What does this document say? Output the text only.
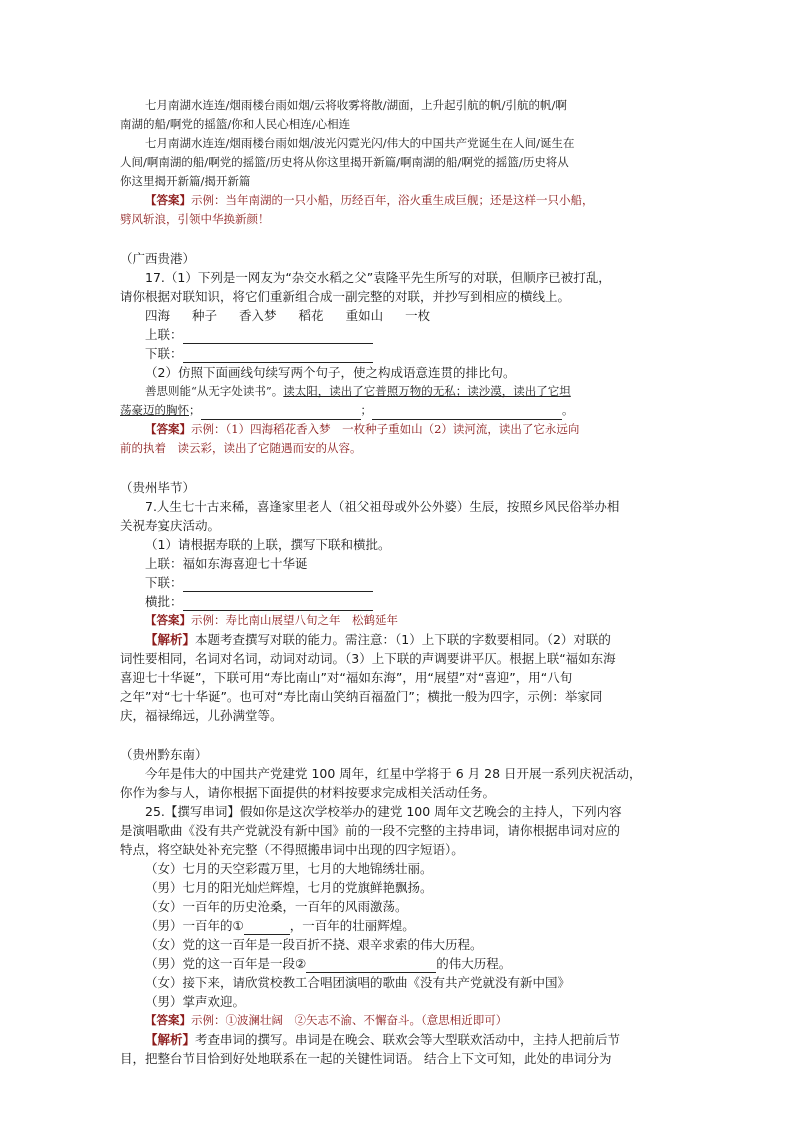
七月南湖水连连/烟雨楼台雨如烟/云将收雾将散/湖面，上升起引航的帆/引航的帆/啊

南湖的船/啊党的摇篮/你和人民心相连/心相连

七月南湖水连连/烟雨楼台雨如烟/波光闪霓光闪/伟大的中国共产党诞生在人间/诞生在

人间/啊南湖的船/啊党的摇篮/历史将从你这里揭开新篇/啊南湖的船/啊党的摇篮/历史将从

你这里揭开新篇/揭开新篇

【答案】示例：当年南湖的一只小船，历经百年，浴火重生成巨舰；还是这样一只小船，

劈风斩浪，引领中华换新颜！

（广西贵港）

17.（1）下列是一网友为“杂交水稻之父”袁隆平先生所写的对联，但顺序已被打乱，

请你根据对联知识，将它们重新组合成一副完整的对联，并抄写到相应的横线上。

四海 种子 香入梦 稻花 重如山 一枚

上联：

下联：

（2）仿照下面画线句续写两个句子，使之构成语意连贯的排比句。

善思则能“从无字处读书”。读太阳，读出了它普照万物的无私；读沙漠，读出了它坦

荡豪迈的胸怀；	；	。

【答案】示例：（1）四海稻花香入梦　一枚种子重如山（2）读河流，读出了它永远向

前的执着　读云彩，读出了它随遇而安的从容。

（贵州毕节）

7.人生七十古来稀，喜逢家里老人（祖父祖母或外公外婆）生辰，按照乡风民俗举办相

关祝寿宴庆活动。

（1）请根据寿联的上联，撰写下联和横批。

上联：福如东海喜迎七十华诞

下联：

横批：

【答案】示例：寿比南山展望八旬之年　松鹤延年

【解析】本题考查撰写对联的能力。需注意：（1）上下联的字数要相同。（2）对联的

词性要相同，名词对名词，动词对动词。（3）上下联的声调要讲平仄。根据上联“福如东海

喜迎七十华诞”，下联可用“寿比南山”对“福如东海”，用“展望”对“喜迎”，用“八旬

之年”对“七十华诞”。也可对“寿比南山笑纳百福盈门”；横批一般为四字，示例：举家同

庆，福禄绵远，儿孙满堂等。

（贵州黔东南）

今年是伟大的中国共产党建党 100 周年，红星中学将于 6 月 28 日开展一系列庆祝活动，

你作为参与人，请你根据下面提供的材料按要求完成相关活动任务。

25.【撰写串词】假如你是这次学校举办的建党 100 周年文艺晚会的主持人，下列内容

是演唱歌曲《没有共产党就没有新中国》前的一段不完整的主持串词，请你根据串词对应的

特点，将空缺处补充完整（不得照搬串词中出现的四字短语）。

（女）七月的天空彩霞万里，七月的大地锦绣壮丽。

（男）七月的阳光灿烂辉煌，七月的党旗鲜艳飘扬。

（女）一百年的历史沧桑，一百年的风雨激荡。

（男）一百年的①	，一百年的壮丽辉煌。

（女）党的这一百年是一段百折不挠、艰辛求索的伟大历程。

（男）党的这一百年是一段②	的伟大历程。

（女）接下来，请欣赏校教工合唱团演唱的歌曲《没有共产党就没有新中国》

（男）掌声欢迎。

【答案】示例：①波澜壮阔　②矢志不渝、不懈奋斗。（意思相近即可）

【解析】考查串词的撰写。串词是在晚会、联欢会等大型联欢活动中，主持人把前后节

目，把整台节目恰到好处地联系在一起的关键性词语。 结合上下文可知，此处的串词分为
